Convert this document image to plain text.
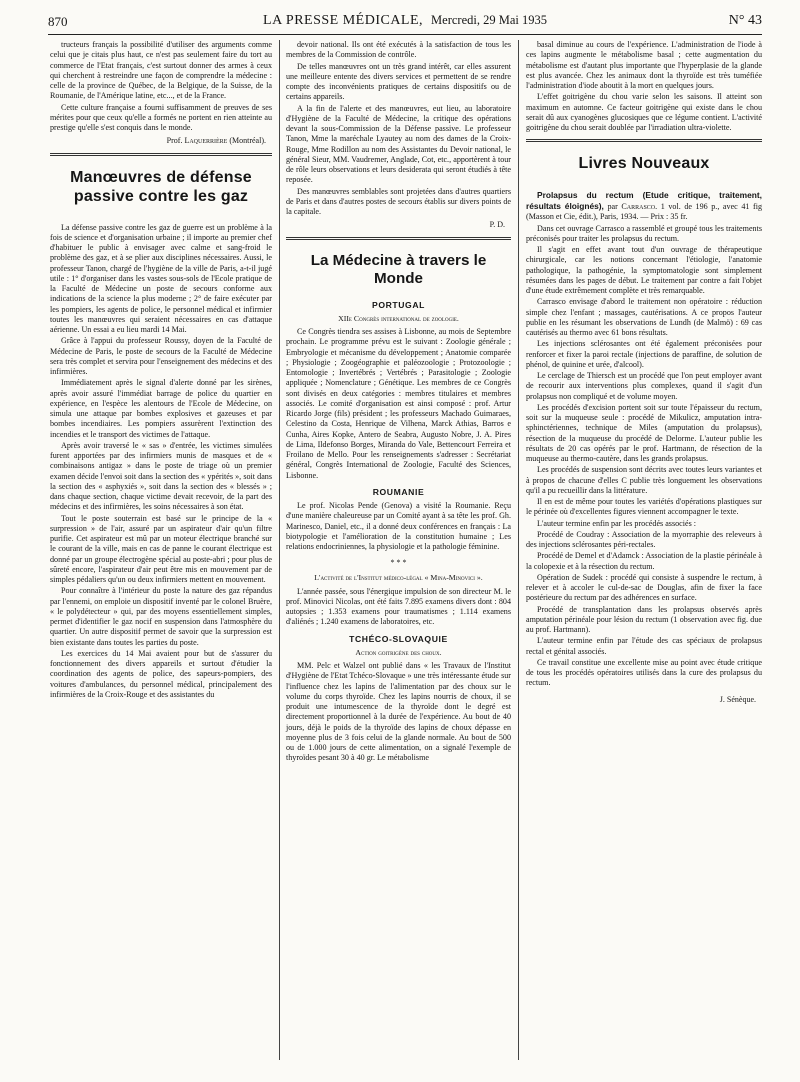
870	LA PRESSE MÉDICALE, Mercredi, 29 Mai 1935	N° 43

tructeurs français la possibilité d'utiliser des arguments comme celui que je citais plus haut, ce n'est pas seulement faire du tort au commerce de l'Etat français, c'est surtout donner des armes à ceux qui cherchent à restreindre une façon de comprendre la médecine : celle de la province de Québec, de la Belgique, de la Suisse, de la Roumanie, de l'Amérique latine, etc..., et de la France.

Cette culture française a fourni suffisamment de preuves de ses mérites pour que ceux qu'elle a formés ne portent en rien atteinte au prestige qu'elle s'est conquis dans le monde.

Prof. Laquerrière (Montréal).
Manœuvres de défense passive contre les gaz

La défense passive contre les gaz de guerre est un problème à la fois de science et d'organisation urbaine ; il importe au premier chef d'habituer le public à envisager avec calme et sang-froid le problème des gaz, et à se plier aux disciplines nécessaires. Aussi, le professeur Tanon, chargé de l'hygiène de la ville de Paris, a-t-il jugé utile : 1° d'organiser dans les vastes sous-sols de l'Ecole pratique de la Faculté de Médecine un poste de secours conforme aux indications de la science la plus moderne ; 2° de faire exécuter par les pompiers, les agents de police, le personnel médical et infirmier toutes les manœuvres qui seraient nécessaires en cas d'attaque aérienne. Un essai a eu lieu mardi 14 Mai.

Grâce à l'appui du professeur Roussy, doyen de la Faculté de Médecine de Paris, le poste de secours de la Faculté de Médecine sera très complet et servira pour l'enseignement des médecins et des infirmières.

Immédiatement après le signal d'alerte donné par les sirènes, après avoir assuré l'immédiat barrage de police du quartier en expérience, en l'espèce les alentours de l'Ecole de Médecine, on simula une attaque par bombes explosives et gazeuses et par bombes incendiaires. Les pompiers assurèrent l'extinction des incendies et le transport des victimes de l'attaque.

Après avoir traversé le « sas » d'entrée, les victimes simulées furent apportées par des infirmiers munis de masques et de « combinaisons antigaz » dans le poste de triage où un premier examen décide l'envoi soit dans la section des « ypérités », soit dans la section des « asphyxiés », soit dans la section des « blessés » ; dans chaque section, chaque victime devait recevoir, de la part des médecins et des infirmières, les soins nécessaires à son état.

Tout le poste souterrain est basé sur le principe de la « surpression » de l'air, assuré par un aspirateur d'air qu'un filtre purifie. Cet aspirateur est mû par un moteur électrique branché sur le courant de la ville, mais en cas de panne le courant électrique est donné par un groupe électrogène spécial au poste-abri ; pour plus de sûreté encore, l'aspirateur d'air peut être mis en mouvement par de simples pédaliers qu'un ou deux infirmiers mettent en mouvement.

Pour connaître à l'intérieur du poste la nature des gaz répandus par l'ennemi, on emploie un dispositif inventé par le colonel Bruère, « le polydétecteur » qui, par des moyens essentiellement simples, permet d'identifier le gaz nocif en suspension dans l'atmosphère du quartier. Un autre dispositif permet de savoir que la surpression est bien existante dans toutes les parties du poste.

Les exercices du 14 Mai avaient pour but de s'assurer du fonctionnement des divers appareils et surtout d'étudier la coordination des agents de police, des sapeurs-pompiers, des voitures d'ambulances, du personnel médical, principalement des infirmières de la Croix-Rouge et des assistantes du

devoir national. Ils ont été exécutés à la satisfaction de tous les membres de la Commission de contrôle.

De telles manœuvres ont un très grand intérêt, car elles assurent une meilleure entente des divers services et permettent de se rendre compte des inconvénients pratiques de certains dispositifs ou de certains appareils.

A la fin de l'alerte et des manœuvres, eut lieu, au laboratoire d'Hygiène de la Faculté de Médecine, la critique des opérations devant la sous-Commission de la Défense passive. Le professeur Tanon, Mme la maréchale Lyautey au nom des dames de la Croix-Rouge, Mme Rodillon au nom des Assistantes du Devoir national, le général Sieur, MM. Vaudremer, Anglade, Cot, etc., apportèrent à tour de rôle leurs observations et leurs desiderata qui seront étudiés à tête reposée.

Des manœuvres semblables sont projetées dans d'autres quartiers de Paris et dans d'autres postes de secours établis sur divers points de la capitale.

P. D.
La Médecine à travers le Monde
PORTUGAL
XIIe Congrès international de zoologie.

Ce Congrès tiendra ses assises à Lisbonne, au mois de Septembre prochain. Le programme prévu est le suivant : Zoologie générale ; Embryologie et mécanisme du développement ; Anatomie comparée ; Physiologie ; Zoogéographie et paléozoologie ; Protozoologie ; Entomologie ; Invertébrés ; Vertébrés ; Parasitologie ; Zoologie appliquée ; Nomenclature ; Génétique. Les membres de ce Congrès sont divisés en deux catégories : membres titulaires et membres associés. Le comité d'organisation est ainsi composé : prof. Artur Ricardo Jorge (fils) président ; les professeurs Machado Guimaraes, Celestino da Costa, Henrique de Vilhena, Marck Athias, Barros e Cunha, Aires Kopke, Antero de Seabra, Augusto Nobre, J. A. Pires de Lima, Ildefonso Borges, Miranda do Vale, Bettencourt Ferreira et Froilano de Mello. Pour les renseignements s'adresser : Secrétariat général, Congrès International de Zoologie, Faculté des Sciences, Lisbonne.

ROUMANIE

Le prof. Nicolas Pende (Genova) a visité la Roumanie. Reçu d'une manière chaleureuse par un Comité ayant à sa tête les prof. Gh. Marinesco, Daniel, etc., il a donné deux conférences en français : La biotypologie et l'amélioration de la constitution humaine ; Les relations endocriniennes, la physiologie et la pathologie féminine.

* * *
L'activité de l'Institut médico-légal « Mina-Minovici ».

L'année passée, sous l'énergique impulsion de son directeur M. le prof. Minovici Nicolas, ont été faits 7.895 examens divers dont : 804 autopsies ; 1.353 examens pour traumatismes ; 1.114 examens d'aliénés ; 1.240 examens de laboratoires, etc.

TCHÉCO-SLOVAQUIE
Action goitrigène des choux.

MM. Pelc et Walzel ont publié dans « les Travaux de l'Institut d'Hygiène de l'Etat Tchéco-Slovaque » une très intéressante étude sur l'influence chez les lapins de l'alimentation par des choux sur le volume du corps thyroïde. Chez les lapins nourris de choux, il se produit une intumescence de la thyroïde dont le degré est directement proportionnel à la durée de l'expérience. Au bout de 40 jours, déjà le poids de la thyroïde des lapins de choux dépasse en moyenne plus de 3 fois celui de la glande normale. Au bout de 500 ou de 1.000 jours de cette alimentation, on a signalé l'exemple de thyroïdes pesant 30 à 40 gr. Le métabolisme

basal diminue au cours de l'expérience. L'administration de l'iode à ces lapins augmente le métabolisme basal ; cette augmentation du métabolisme est d'autant plus importante que l'hyperplasie de la glande est plus avancée. Chez les animaux dont la thyroïde est très tuméfiée l'administration d'iode aboutit à la mort en quelques jours.

L'effet goitrigène du chou varie selon les saisons. Il atteint son maximum en automne. Ce facteur goitrigène qui existe dans le chou serait dû aux cyanogènes glucosiques que ce légume contient. L'activité goitrigène du chou serait doublée par l'irradiation ultra-violette.

Livres Nouveaux

Prolapsus du rectum (Etude critique, traitement, résultats éloignés), par Carrasco. 1 vol. de 196 p., avec 41 fig (Masson et Cie, édit.), Paris, 1934. — Prix : 35 fr.

Dans cet ouvrage Carrasco a rassemblé et groupé tous les traitements préconisés pour traiter les prolapsus du rectum.

Il s'agit en effet avant tout d'un ouvrage de thérapeutique chirurgicale, car les notions concernant l'étiologie, l'anatomie pathologique, la pathogénie, la symptomatologie sont simplement résumées dans les pages de début. Le traitement par contre a fait l'objet d'une étude extrêmement complète et très remarquable.

Carrasco envisage d'abord le traitement non opératoire : réduction simple chez l'enfant ; massages, cautérisations. A ce propos l'auteur publie en les résumant les observations de Lundh (de Malmö) : 69 cas cautérisés au thermo avec 61 bons résultats.

Les injections sclérosantes ont été également préconisées pour renforcer et fixer la paroi rectale (injections de paraffine, de solution de phénol, de quinine et urée, d'alcool).

Le cerclage de Thiersch est un procédé que l'on peut employer avant de recourir aux interventions plus complexes, quand il s'agit d'un prolapsus non compliqué et de volume moyen.

Les procédés d'excision portent soit sur toute l'épaisseur du rectum, soit sur la muqueuse seule : procédé de Mikulicz, amputation intra-sphinctériennes, technique de Miles (amputation du prolapsus), résection de la muqueuse du procédé de Delorme. L'auteur publie les résultats de 20 cas opérés par le prof. Hartmann, de résection de la muqueuse au thermo-cautère, dans les grands prolapsus.

Les procédés de suspension sont décrits avec toutes leurs variantes et à propos de chacune d'elles C publie très longuement les observations qu'il a pu recueillir dans la littérature.

Il en est de même pour toutes les variétés d'opérations plastiques sur le périnée où d'excellentes figures viennent accompagner le texte.

L'auteur termine enfin par les procédés associés :

Procédé de Coudray : Association de la myorraphie des releveurs à des injections sclérosantes péri-rectales.

Procédé de Demel et d'Adamck : Association de la plastie périnéale à la colopexie et à la résection du rectum.

Opération de Sudek : procédé qui consiste à suspendre le rectum, à relever et à accoler le cul-de-sac de Douglas, afin de fixer la face postérieure du rectum par des adhérences en surface.

Procédé de transplantation dans les prolapsus observés après amputation périnéale pour lésion du rectum (1 observation avec fig. due au prof. Hartmann).

L'auteur termine enfin par l'étude des cas spéciaux de prolapsus rectal et génital associés.

Ce travail constitue une excellente mise au point avec étude critique de tous les procédés opératoires utilisés dans la cure des prolapsus du rectum.

J. Sénèque.
